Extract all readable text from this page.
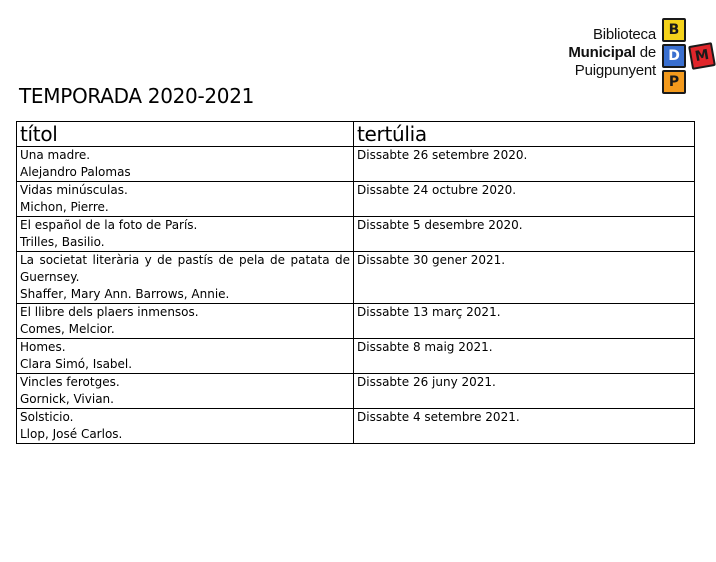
Biblioteca
Municipal de
Puigpunyent
B
D M
P
TEMPORADA 2020-2021
títol	tertúlia

Una madre.
Alejandro Palomas	Dissabte 26 setembre 2020.

Vidas minúsculas.
Michon, Pierre.	Dissabte 24 octubre 2020.

El español de la foto de París.
Trilles, Basilio.	Dissabte 5 desembre 2020.

La societat literària y de pastís de pela de patata de Guernsey.
Shaffer, Mary Ann. Barrows, Annie.	Dissabte 30 gener 2021.

El llibre dels plaers inmensos.
Comes, Melcior.	Dissabte 13 març 2021.

Homes.
Clara Simó, Isabel.	Dissabte 8 maig 2021.

Vincles ferotges.
Gornick, Vivian.	Dissabte 26 juny 2021.

Solsticio.
Llop, José Carlos.	Dissabte 4 setembre 2021.
